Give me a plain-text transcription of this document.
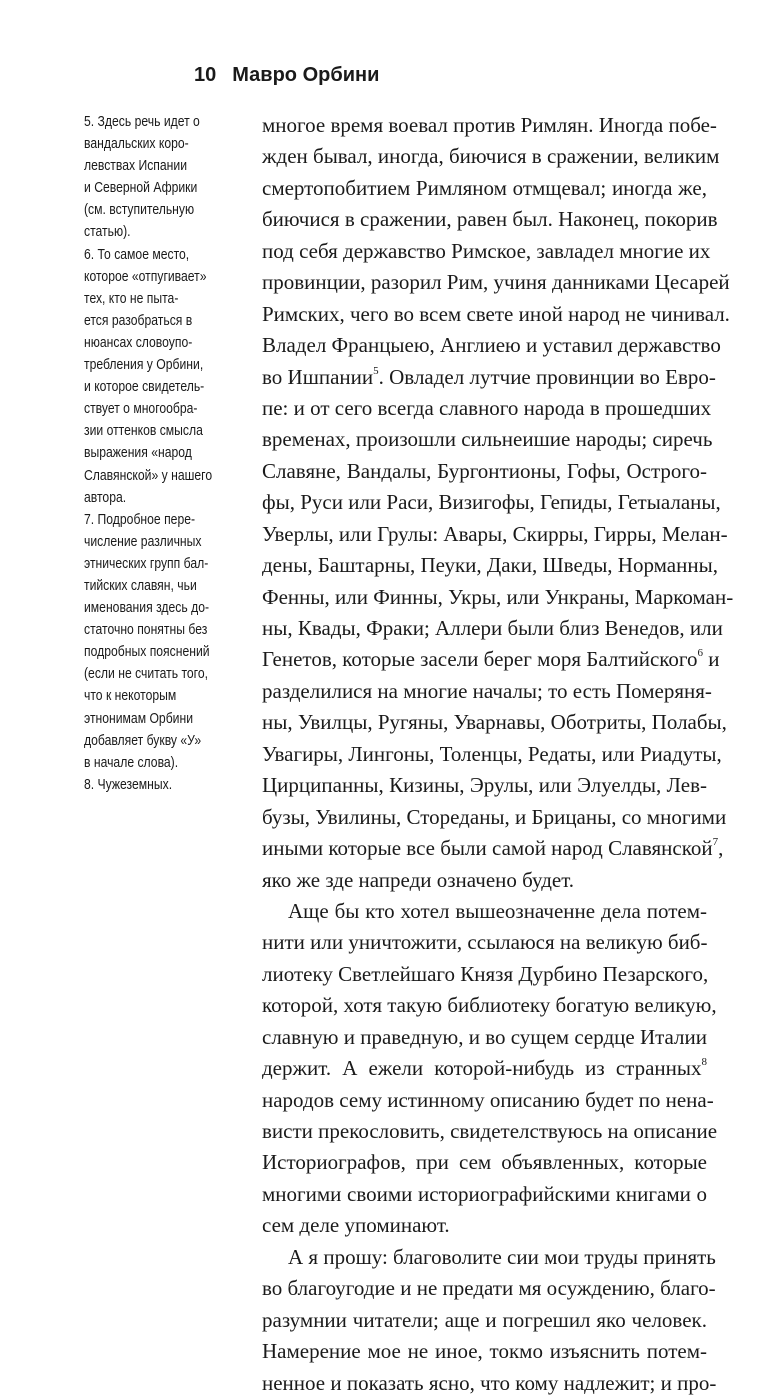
10 Мавро Орбини
5. Здесь речь идет о
вандальских коро-
левствах Испании
и Северной Африки
(см. вступительную
статью).
6. То самое место,
которое «отпугивает»
тех, кто не пыта-
ется разобраться в
нюансах словоупо-
требления у Орбини,
и которое свидетель-
ствует о многообра-
зии оттенков смысла
выражения «народ
Славянской» у нашего
автора.
7. Подробное пере-
числение различных
этнических групп бал-
тийских славян, чьи
именования здесь до-
статочно понятны без
подробных пояснений
(если не считать того,
что к некоторым
этнонимам Орбини
добавляет букву «У»
в начале слова).
8. Чужеземных.
многое время воевал против Римлян. Иногда побе-
жден бывал, иногда, биючися в сражении, великим
смертопобитием Римляном отмщевал; иногда же,
биючися в сражении, равен был. Наконец, покорив
под себя державство Римское, завладел многие их
провинции, разорил Рим, учиня данниками Цесарей
Римских, чего во всем свете иной народ не чинивал.
Владел Францыею, Англиею и уставил державство
во Ишпании$^5$. Овладел лутчие провинции во Евро-
пе: и от сего всегда славного народа в прошедших
временах, произошли сильнеишие народы; сиречь
Славяне, Вандалы, Бургонтионы, Гофы, Острого-
фы, Руси или Раси, Визигофы, Гепиды, Гетыаланы,
Уверлы, или Грулы: Авары, Скирры, Гирры, Мелан-
дены, Баштарны, Пеуки, Даки, Шведы, Норманны,
Фенны, или Финны, Укры, или Ункраны, Маркоман-
ны, Квады, Фраки; Аллери были близ Венедов, или
Генетов, которые засели берег моря Балтийского$^6$ и
разделилися на многие началы; то есть Померяня-
ны, Увилцы, Ругяны, Уварнавы, Оботриты, Полабы,
Увагиры, Лингоны, Толенцы, Редаты, или Риадуты,
Цирципанны, Кизины, Эрулы, или Элуелды, Лев-
бузы, Увилины, Стореданы, и Брицаны, со многими
иными которые все были самой народ Славянской$^7$,
яко же зде напреди означено будет.
Аще бы кто хотел вышеозначенне дела потем-
нити или уничтожити, ссылаюся на великую биб-
лиотеку Светлейшаго Князя Дурбино Пезарского,
которой, хотя такую библиотеку богатую великую,
славную и праведную, и во сущем сердце Италии
держит. А ежели которой-нибудь из странных$^8$
народов сему истинному описанию будет по нена-
висти прекословить, свидетелствуюсь на описание
Историографов, при сем объявленных, которые
многими своими историографийскими книгами о
сем деле упоминают.
А я прошу: благоволите сии мои труды принять
во благоугодие и не предати мя осуждению, благо-
разумнии читатели; аще и погрешил яко человек.
Намерение мое не иное, токмо изъяснить потем-
ненное и показать ясно, что кому надлежит; и про-
